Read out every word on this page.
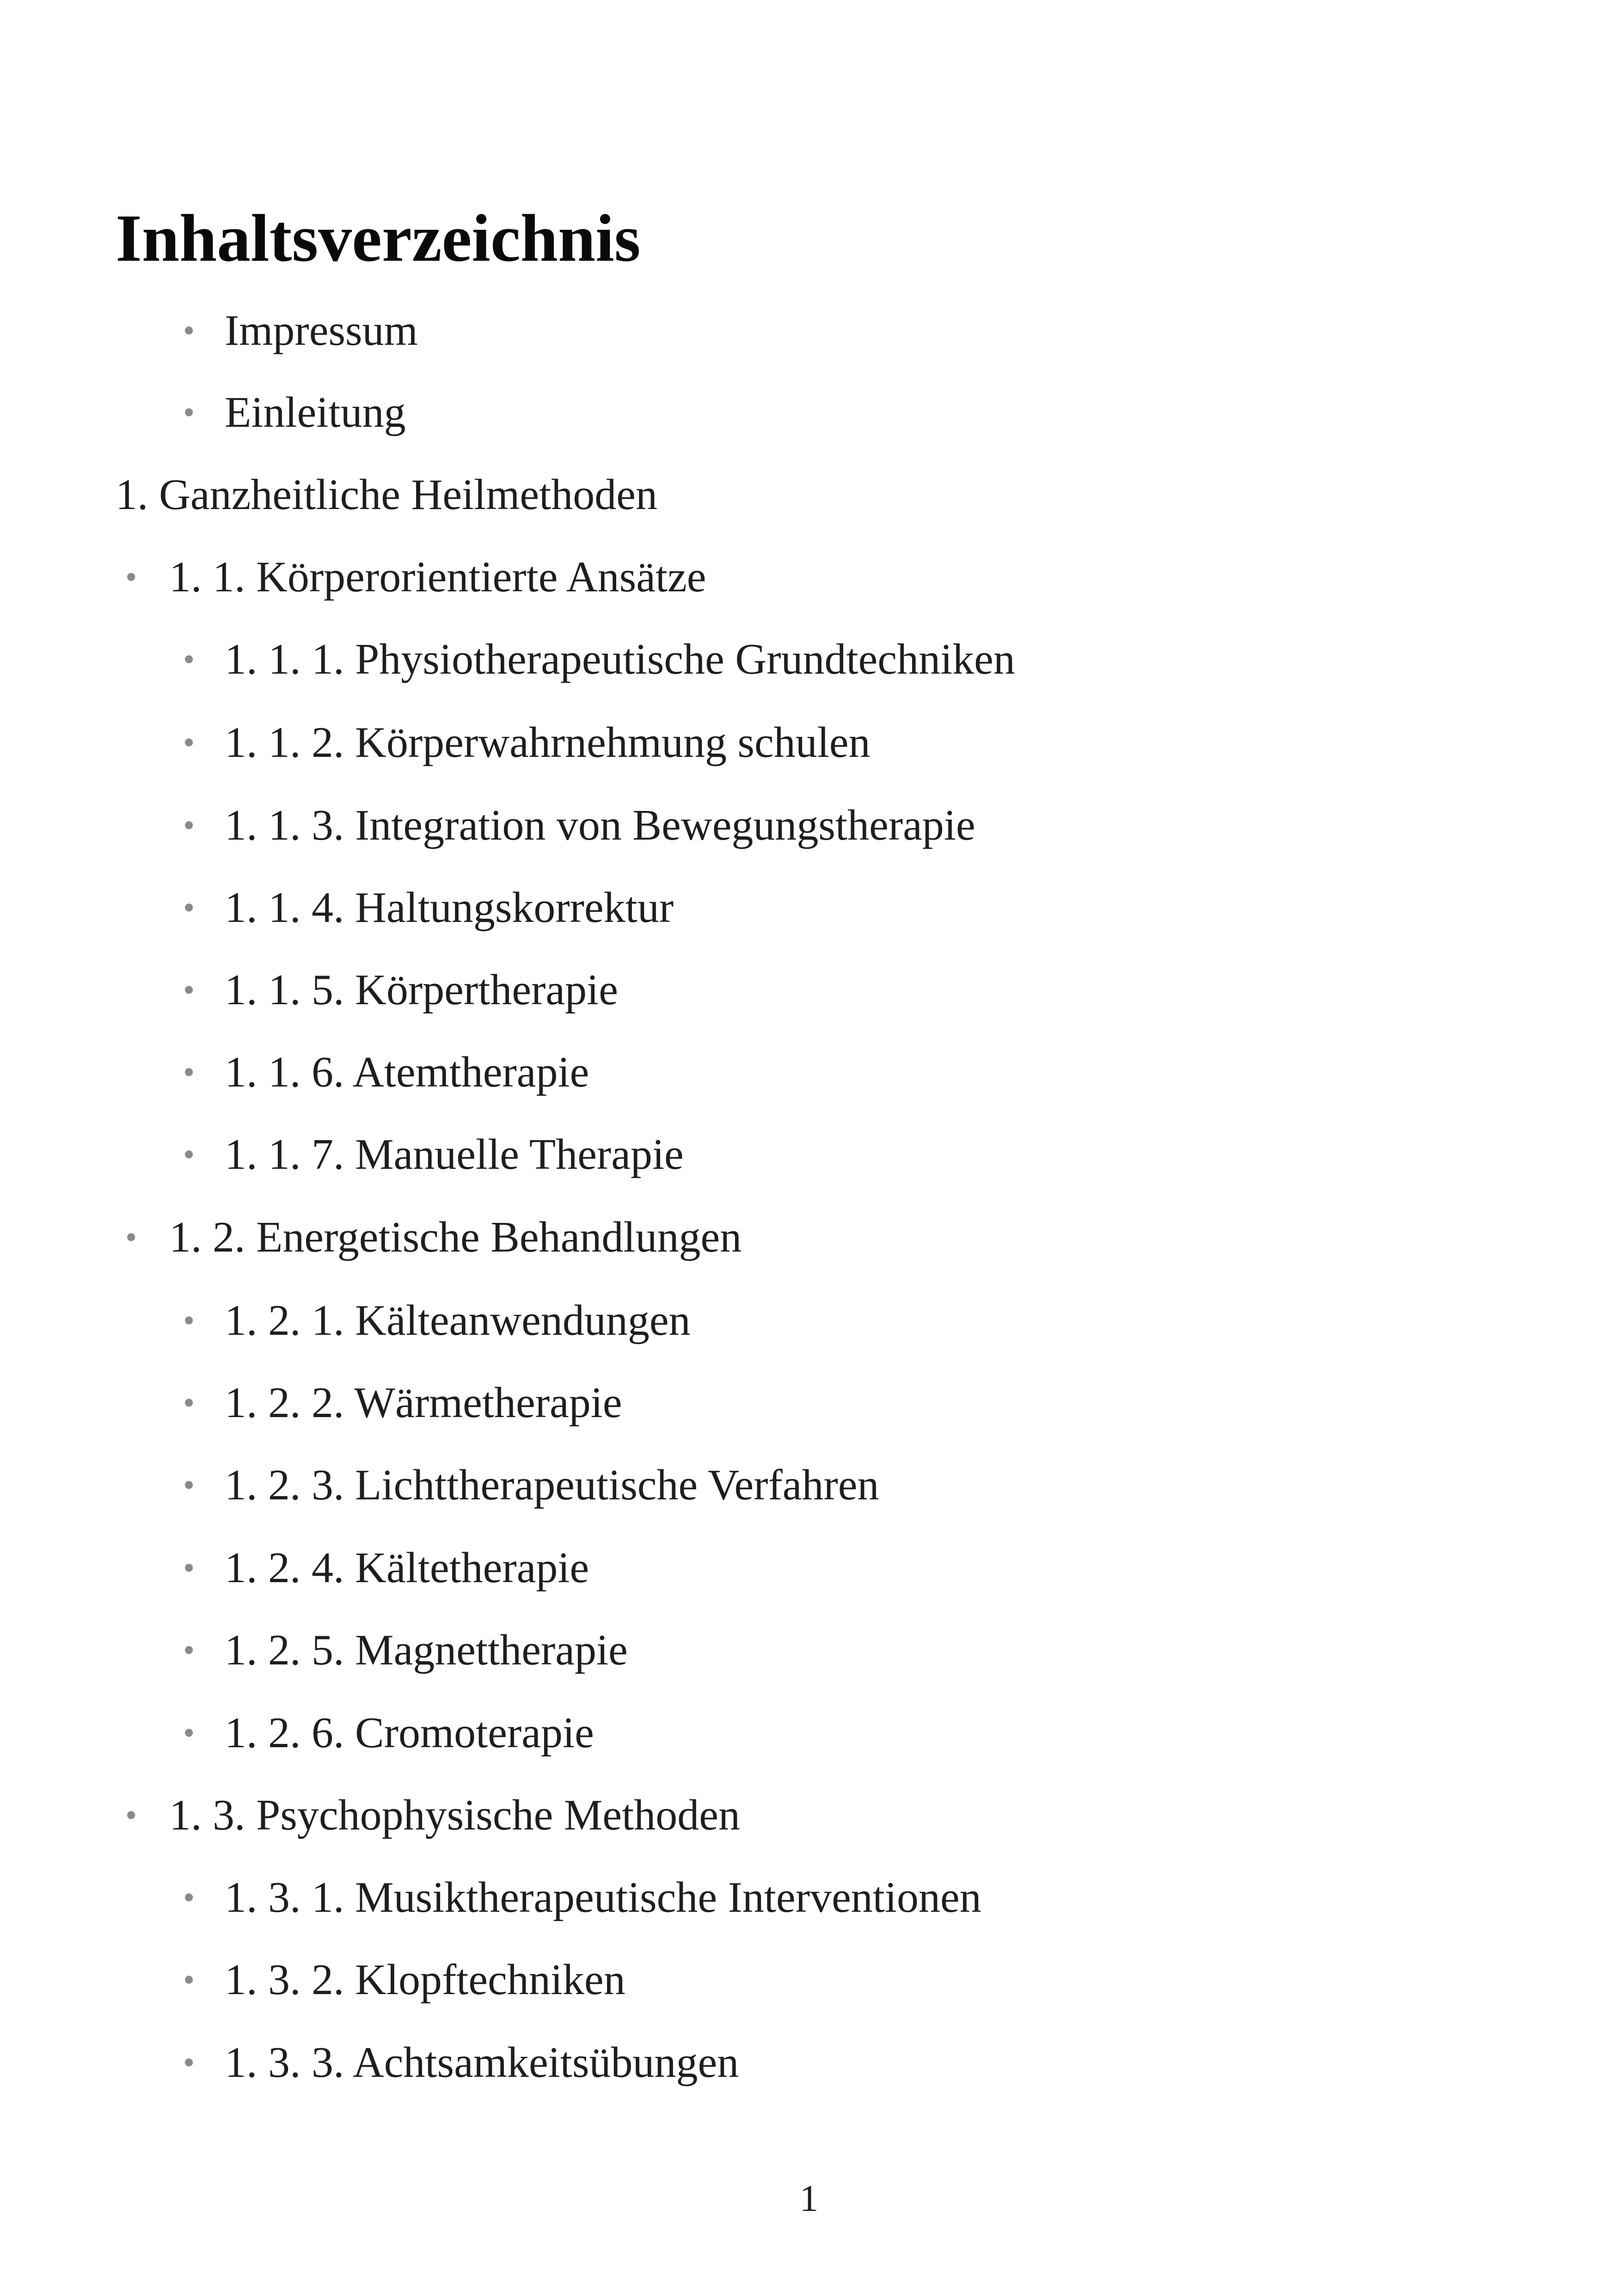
Inhaltsverzeichnis
• Impressum
• Einleitung
1. Ganzheitliche Heilmethoden
• 1. 1. Körperorientierte Ansätze
• 1. 1. 1. Physiotherapeutische Grundtechniken
• 1. 1. 2. Körperwahrnehmung schulen
• 1. 1. 3. Integration von Bewegungstherapie
• 1. 1. 4. Haltungskorrektur
• 1. 1. 5. Körpertherapie
• 1. 1. 6. Atemtherapie
• 1. 1. 7. Manuelle Therapie
• 1. 2. Energetische Behandlungen
• 1. 2. 1. Kälteanwendungen
• 1. 2. 2. Wärmetherapie
• 1. 2. 3. Lichttherapeutische Verfahren
• 1. 2. 4. Kältetherapie
• 1. 2. 5. Magnettherapie
• 1. 2. 6. Cromoterapie
• 1. 3. Psychophysische Methoden
• 1. 3. 1. Musiktherapeutische Interventionen
• 1. 3. 2. Klopftechniken
• 1. 3. 3. Achtsamkeitsübungen
1
